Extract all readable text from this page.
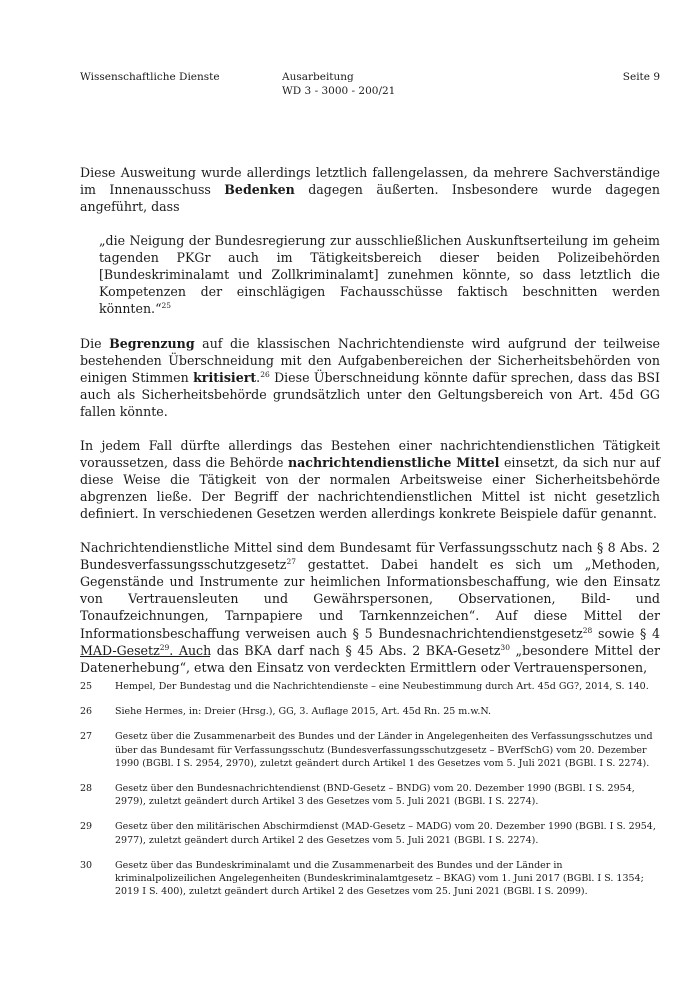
Wissenschaftliche Dienste	Ausarbeitung
WD 3 - 3000 - 200/21
Seite 9

Diese Ausweitung wurde allerdings letztlich fallengelassen, da mehrere Sachverständige im Innenausschuss Bedenken dagegen äußerten. Insbesondere wurde dagegen angeführt, dass

„die Neigung der Bundesregierung zur ausschließlichen Auskunftserteilung im geheim tagenden PKGr auch im Tätigkeitsbereich dieser beiden Polizeibehörden [Bundeskriminalamt und Zollkriminalamt] zunehmen könnte, so dass letztlich die Kompetenzen der einschlägigen Fachausschüsse faktisch beschnitten werden könnten.“$^{25}$

Die Begrenzung auf die klassischen Nachrichtendienste wird aufgrund der teilweise bestehenden Überschneidung mit den Aufgabenbereichen der Sicherheitsbehörden von einigen Stimmen kritisiert.$^{26}$ Diese Überschneidung könnte dafür sprechen, dass das BSI auch als Sicherheitsbehörde grundsätzlich unter den Geltungsbereich von Art. 45d GG fallen könnte.

In jedem Fall dürfte allerdings das Bestehen einer nachrichtendienstlichen Tätigkeit voraussetzen, dass die Behörde nachrichtendienstliche Mittel einsetzt, da sich nur auf diese Weise die Tätigkeit von der normalen Arbeitsweise einer Sicherheitsbehörde abgrenzen ließe. Der Begriff der nachrichtendienstlichen Mittel ist nicht gesetzlich definiert. In verschiedenen Gesetzen werden allerdings konkrete Beispiele dafür genannt.

Nachrichtendienstliche Mittel sind dem Bundesamt für Verfassungsschutz nach § 8 Abs. 2 Bundesverfassungsschutzgesetz$^{27}$ gestattet. Dabei handelt es sich um „Methoden, Gegenstände und Instrumente zur heimlichen Informationsbeschaffung, wie den Einsatz von Vertrauensleuten und Gewährspersonen, Observationen, Bild- und Tonaufzeichnungen, Tarnpapiere und Tarnkennzeichen“. Auf diese Mittel der Informationsbeschaffung verweisen auch § 5 Bundesnachrichtendienstgesetz$^{28}$ sowie § 4 MAD-Gesetz$^{29}$. Auch das BKA darf nach § 45 Abs. 2 BKA-Gesetz$^{30}$ „besondere Mittel der Datenerhebung“, etwa den Einsatz von verdeckten Ermittlern oder Vertrauenspersonen,

25	Hempel, Der Bundestag und die Nachrichtendienste – eine Neubestimmung durch Art. 45d GG?, 2014, S. 140.
26	Siehe Hermes, in: Dreier (Hrsg.), GG, 3. Auflage 2015, Art. 45d Rn. 25 m.w.N.
27	Gesetz über die Zusammenarbeit des Bundes und der Länder in Angelegenheiten des Verfassungsschutzes und über das Bundesamt für Verfassungsschutz (Bundesverfassungsschutzgesetz – BVerfSchG) vom 20. Dezember 1990 (BGBl. I S. 2954, 2970), zuletzt geändert durch Artikel 1 des Gesetzes vom 5. Juli 2021 (BGBl. I S. 2274).
28	Gesetz über den Bundesnachrichtendienst (BND-Gesetz – BNDG) vom 20. Dezember 1990 (BGBl. I S. 2954, 2979), zuletzt geändert durch Artikel 3 des Gesetzes vom 5. Juli 2021 (BGBl. I S. 2274).
29	Gesetz über den militärischen Abschirmdienst (MAD-Gesetz – MADG) vom 20. Dezember 1990 (BGBl. I S. 2954, 2977), zuletzt geändert durch Artikel 2 des Gesetzes vom 5. Juli 2021 (BGBl. I S. 2274).
30	Gesetz über das Bundeskriminalamt und die Zusammenarbeit des Bundes und der Länder in kriminalpolizeilichen Angelegenheiten (Bundeskriminalamtgesetz – BKAG) vom 1. Juni 2017 (BGBl. I S. 1354; 2019 I S. 400), zuletzt geändert durch Artikel 2 des Gesetzes vom 25. Juni 2021 (BGBl. I S. 2099).
